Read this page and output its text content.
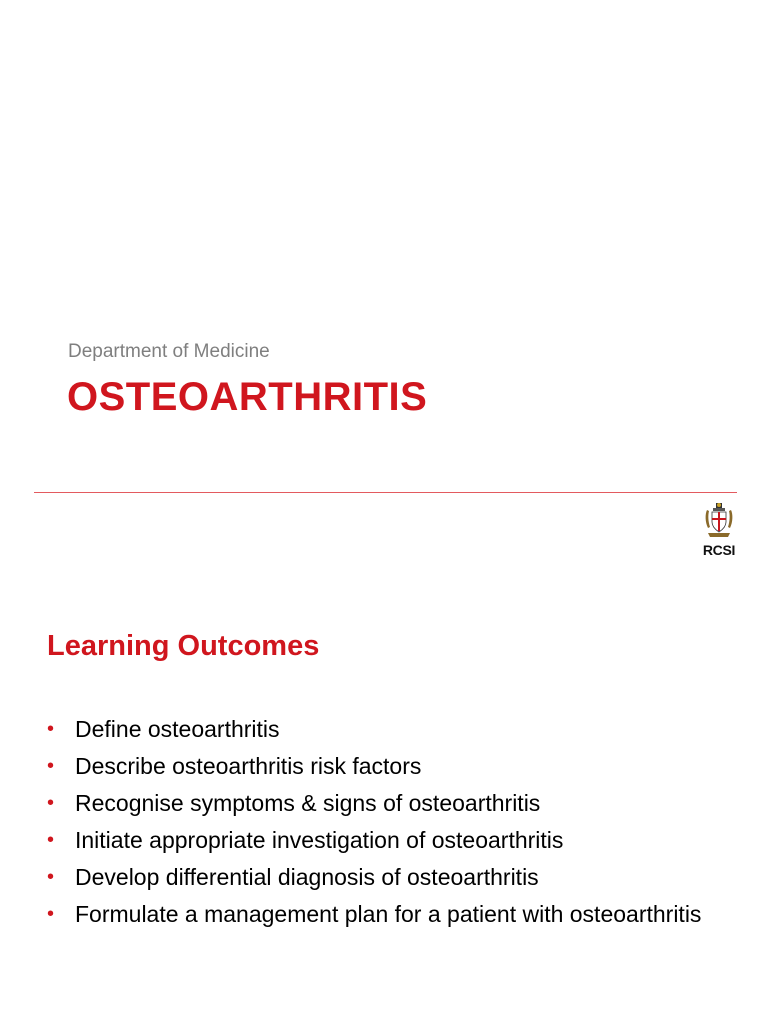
Department of Medicine
OSTEOARTHRITIS
RCSI
Learning Outcomes
• Define osteoarthritis
• Describe osteoarthritis risk factors
• Recognise symptoms & signs of osteoarthritis
• Initiate appropriate investigation of osteoarthritis
• Develop differential diagnosis of osteoarthritis
• Formulate a management plan for a patient with osteoarthritis
